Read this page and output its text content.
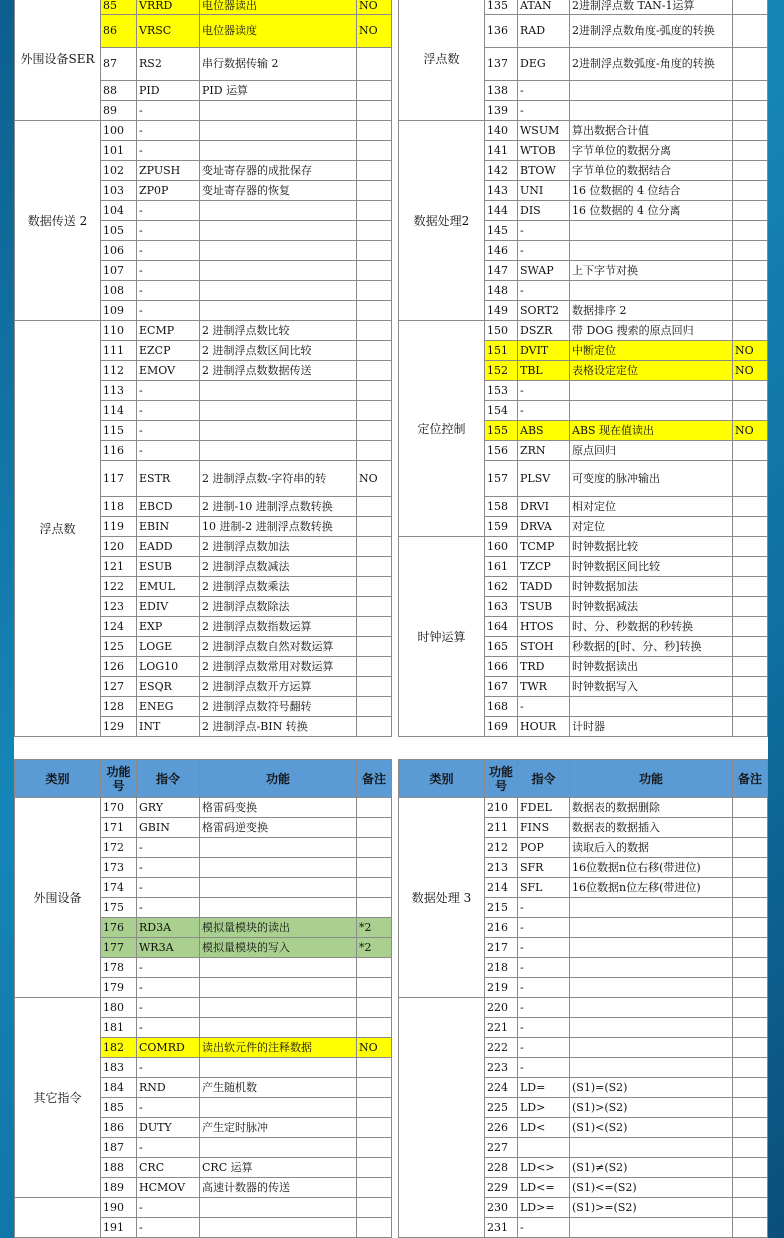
外围设备SER	85	VRRD	电位器读出	NO
	86	VRSC	电位器读度	NO
	87	RS2	串行数据传输 2	
	88	PID	PID 运算	
	89	-		
数据传送 2	100	-		
	101	-		
	102	ZPUSH	变址寄存器的成批保存	
	103	ZP0P	变址寄存器的恢复	
	104	-		
	105	-		
	106	-		
	107	-		
	108	-		
	109	-		
浮点数	110	ECMP	2 进制浮点数比较	
	111	EZCP	2 进制浮点数区间比较	
	112	EMOV	2 进制浮点数数据传送	
	113	-		
	114	-		
	115	-		
	116	-		
	117	ESTR	2 进制浮点数-字符串的转	NO
	118	EBCD	2 进制-10 进制浮点数转换	
	119	EBIN	10 进制-2 进制浮点数转换	
	120	EADD	2 进制浮点数加法	
	121	ESUB	2 进制浮点数减法	
	122	EMUL	2 进制浮点数乘法	
	123	EDIV	2 进制浮点数除法	
	124	EXP	2 进制浮点数指数运算	
	125	LOGE	2 进制浮点数自然对数运算	
	126	LOG10	2 进制浮点数常用对数运算	
	127	ESQR	2 进制浮点数开方运算	
	128	ENEG	2 进制浮点数符号翻转	
	129	INT	2 进制浮点-BIN 转换	
浮点数	135	ATAN	2进制浮点数 TAN-1运算	
	136	RAD	2进制浮点数角度-弧度的转换	
	137	DEG	2进制浮点数弧度-角度的转换	
	138	-		
	139	-		
数据处理2	140	WSUM	算出数据合计值	
	141	WTOB	字节单位的数据分离	
	142	BTOW	字节单位的数据结合	
	143	UNI	16 位数据的 4 位结合	
	144	DIS	16 位数据的 4 位分离	
	145	-		
	146	-		
	147	SWAP	上下字节对换	
	148	-		
	149	SORT2	数据排序 2	
定位控制	150	DSZR	带 DOG 搜索的原点回归	
	151	DVIT	中断定位	NO
	152	TBL	表格设定定位	NO
	153	-		
	154	-		
	155	ABS	ABS 现在值读出	NO
	156	ZRN	原点回归	
	157	PLSV	可变度的脉冲输出	
	158	DRVI	相对定位	
	159	DRVA	对定位	
时钟运算	160	TCMP	时钟数据比较	
	161	TZCP	时钟数据区间比较	
	162	TADD	时钟数据加法	
	163	TSUB	时钟数据减法	
	164	HTOS	时、分、秒数据的秒转换	
	165	STOH	秒数据的[时、分、秒]转换	
	166	TRD	时钟数据读出	
	167	TWR	时钟数据写入	
	168	-		
	169	HOUR	计时器	
类别	功能号	指令	功能	备注
外围设备	170	GRY	格雷码变换	
	171	GBIN	格雷码逆变换	
	172	-		
	173	-		
	174	-		
	175	-		
	176	RD3A	模拟量模块的读出	*2
	177	WR3A	模拟量模块的写入	*2
	178	-		
	179	-		
其它指令	180	-		
	181	-		
	182	COMRD	读出软元件的注释数据	NO
	183	-		
	184	RND	产生随机数	
	185	-		
	186	DUTY	产生定时脉冲	
	187	-		
	188	CRC	CRC 运算	
	189	HCMOV	高速计数器的传送	
	190	-		
	191	-		
类别	功能号	指令	功能	备注
数据处理 3	210	FDEL	数据表的数据删除	
	211	FINS	数据表的数据插入	
	212	POP	读取后入的数据	
	213	SFR	16位数据n位右移(带进位)	
	214	SFL	16位数据n位左移(带进位)	
	215	-		
	216	-		
	217	-		
	218	-		
	219	-		
	220	-		
	221	-		
	222	-		
	223	-		
	224	LD=	(S1)=(S2)	
	225	LD>	(S1)>(S2)	
	226	LD<	(S1)<(S2)	
	227			
	228	LD<>	(S1)≠(S2)	
	229	LD<=	(S1)<=(S2)	
	230	LD>=	(S1)>=(S2)	
	231	-		
